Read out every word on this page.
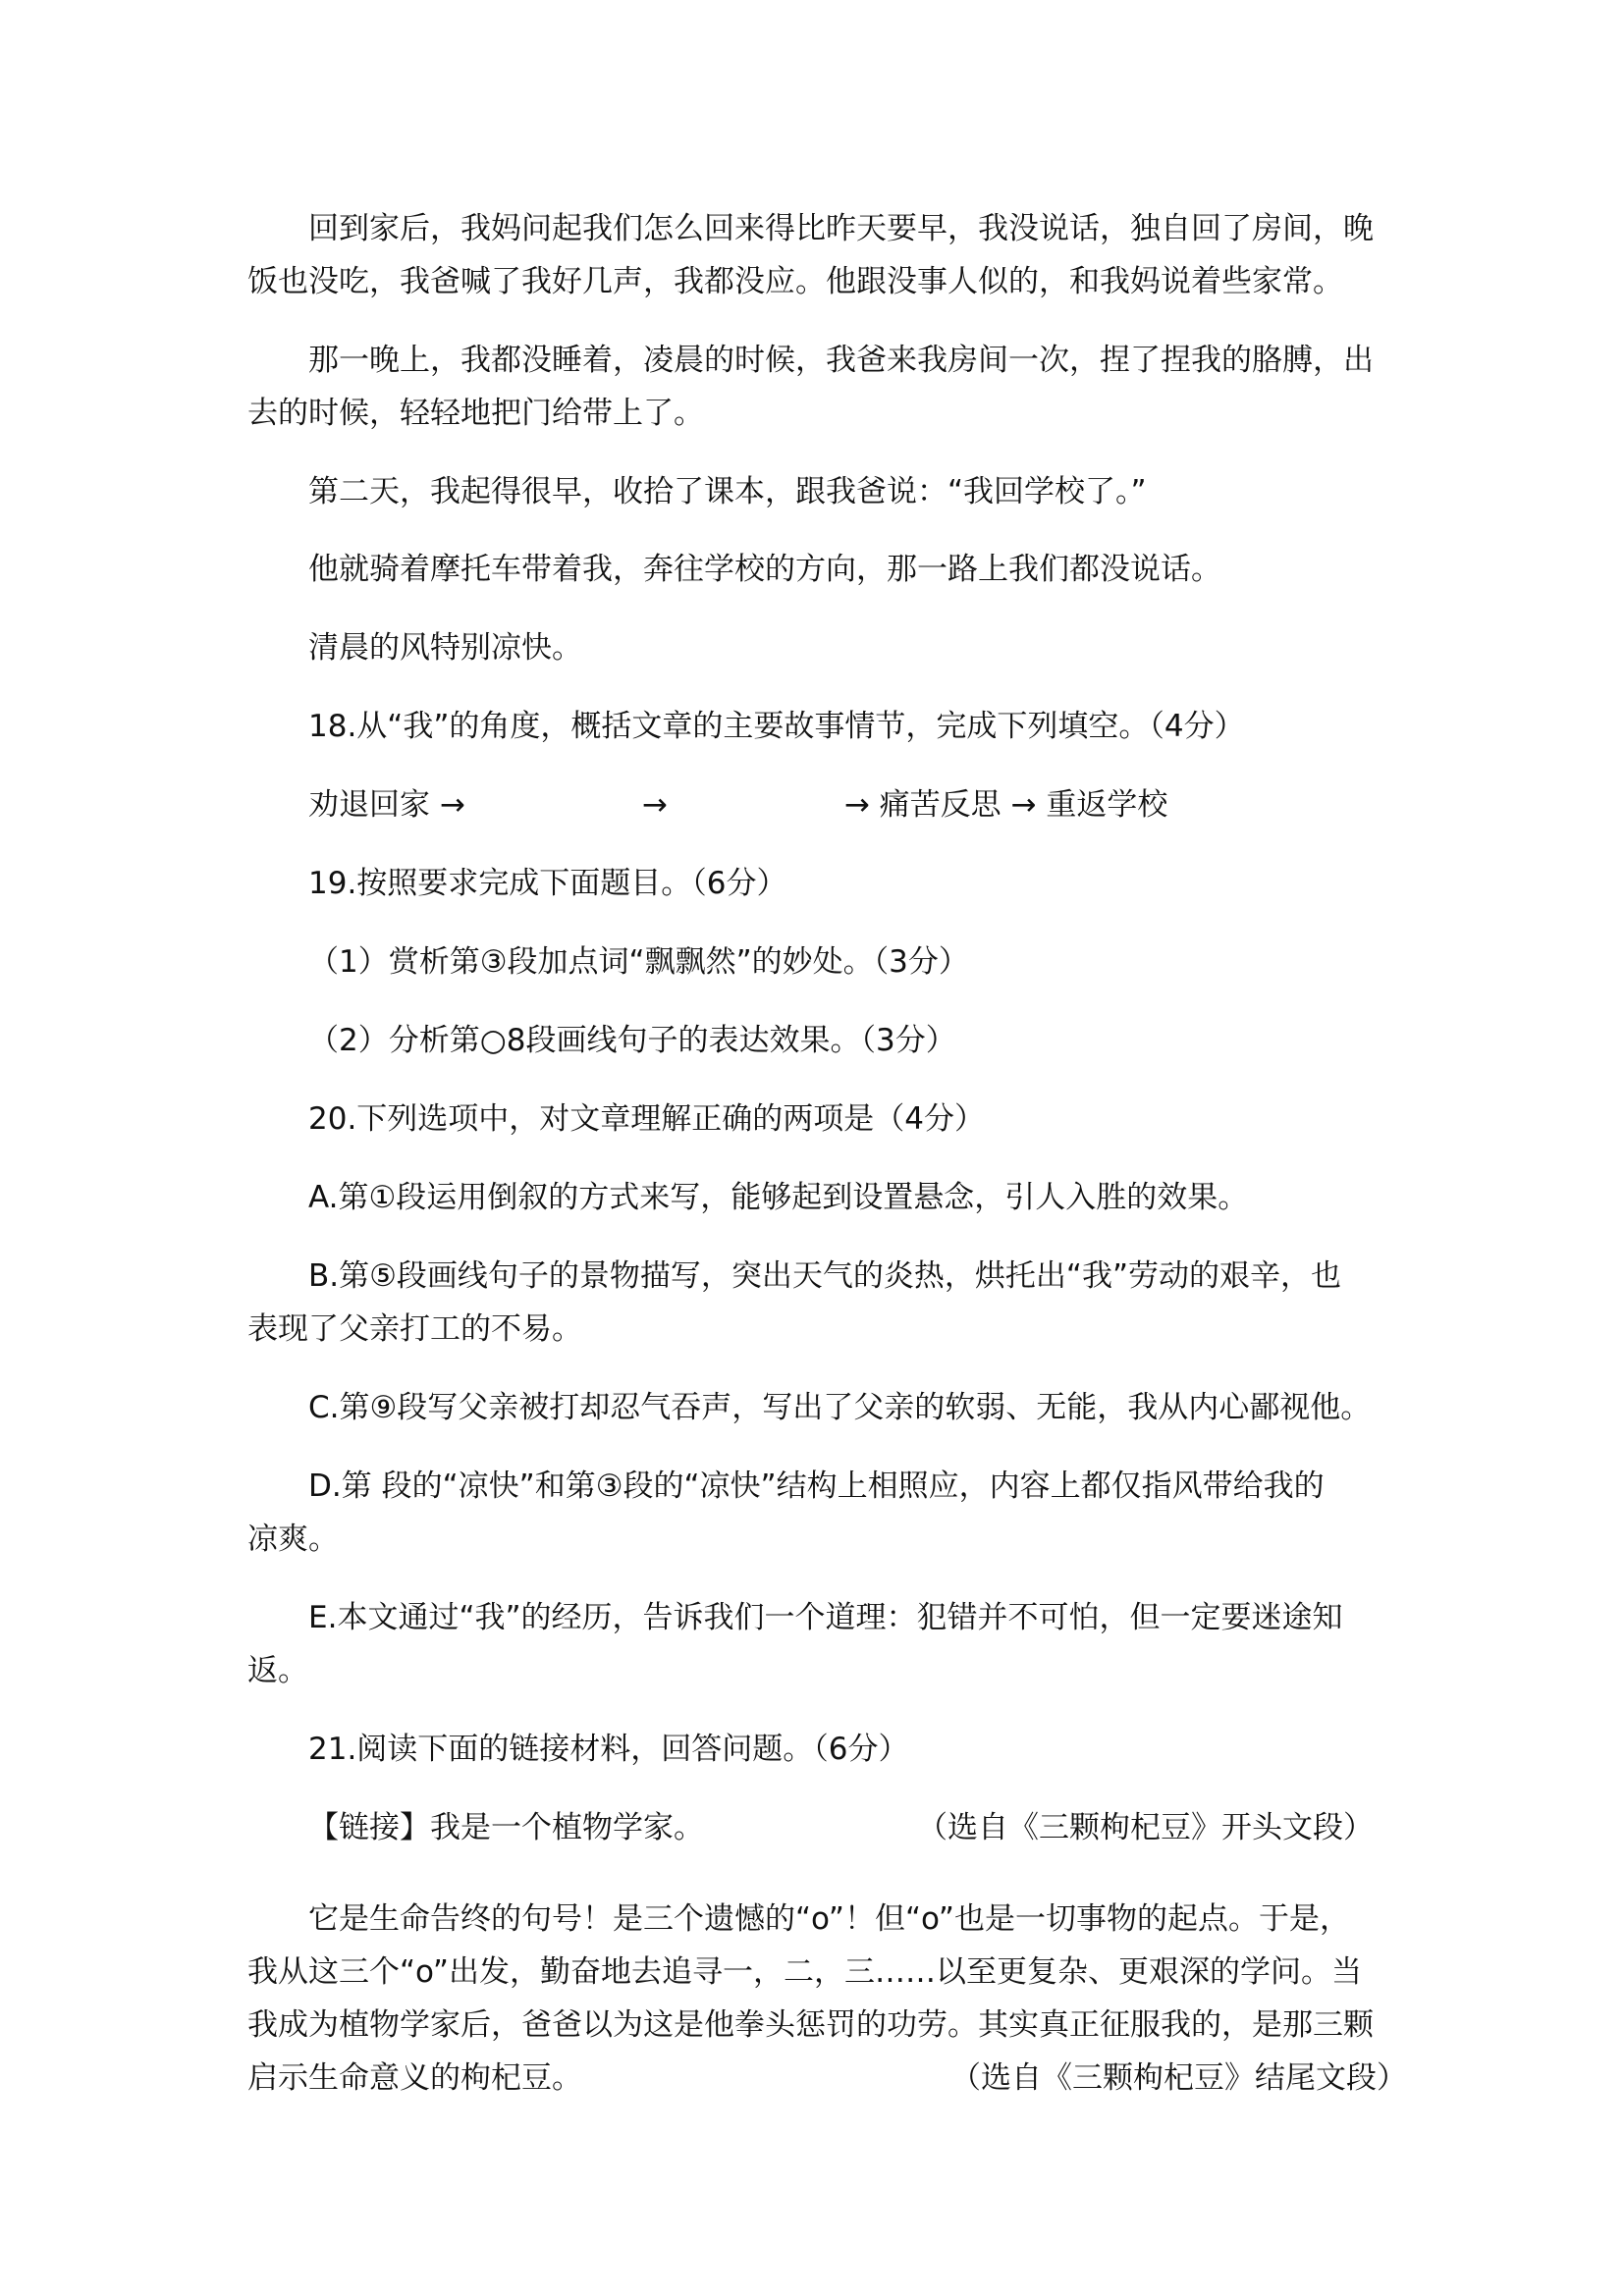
回到家后，我妈问起我们怎么回来得比昨天要早，我没说话，独自回了房间，晚

饭也没吃，我爸喊了我好几声，我都没应。他跟没事人似的，和我妈说着些家常。

那一晚上，我都没睡着，凌晨的时候，我爸来我房间一次，捏了捏我的胳膊，出

去的时候，轻轻地把门给带上了。

第二天，我起得很早，收拾了课本，跟我爸说：“我回学校了。”

他就骑着摩托车带着我，奔往学校的方向，那一路上我们都没说话。

清晨的风特别凉快。

18.从“我”的角度，概括文章的主要故事情节，完成下列填空。（4分）

劝退回家 →	→	→ 痛苦反思 → 重返学校

19.按照要求完成下面题目。（6分）

（1）赏析第③段加点词“飘飘然”的妙处。（3分）

（2）分析第○8段画线句子的表达效果。（3分）

20.下列选项中，对文章理解正确的两项是（4分）

A.第①段运用倒叙的方式来写，能够起到设置悬念，引人入胜的效果。

B.第⑤段画线句子的景物描写，突出天气的炎热，烘托出“我”劳动的艰辛，也

表现了父亲打工的不易。

C.第⑨段写父亲被打却忍气吞声，写出了父亲的软弱、无能，我从内心鄙视他。

D.第 段的“凉快”和第③段的“凉快”结构上相照应，内容上都仅指风带给我的

凉爽。

E.本文通过“我”的经历，告诉我们一个道理：犯错并不可怕，但一定要迷途知

返。

21.阅读下面的链接材料，回答问题。（6分）

【链接】我是一个植物学家。	（选自《三颗枸杞豆》开头文段）

它是生命告终的句号！是三个遗憾的“o”！但“o”也是一切事物的起点。于是，

我从这三个“o”出发，勤奋地去追寻一，二，三……以至更复杂、更艰深的学问。当

我成为植物学家后，爸爸以为这是他拳头惩罚的功劳。其实真正征服我的，是那三颗

启示生命意义的枸杞豆。	（选自《三颗枸杞豆》结尾文段）
